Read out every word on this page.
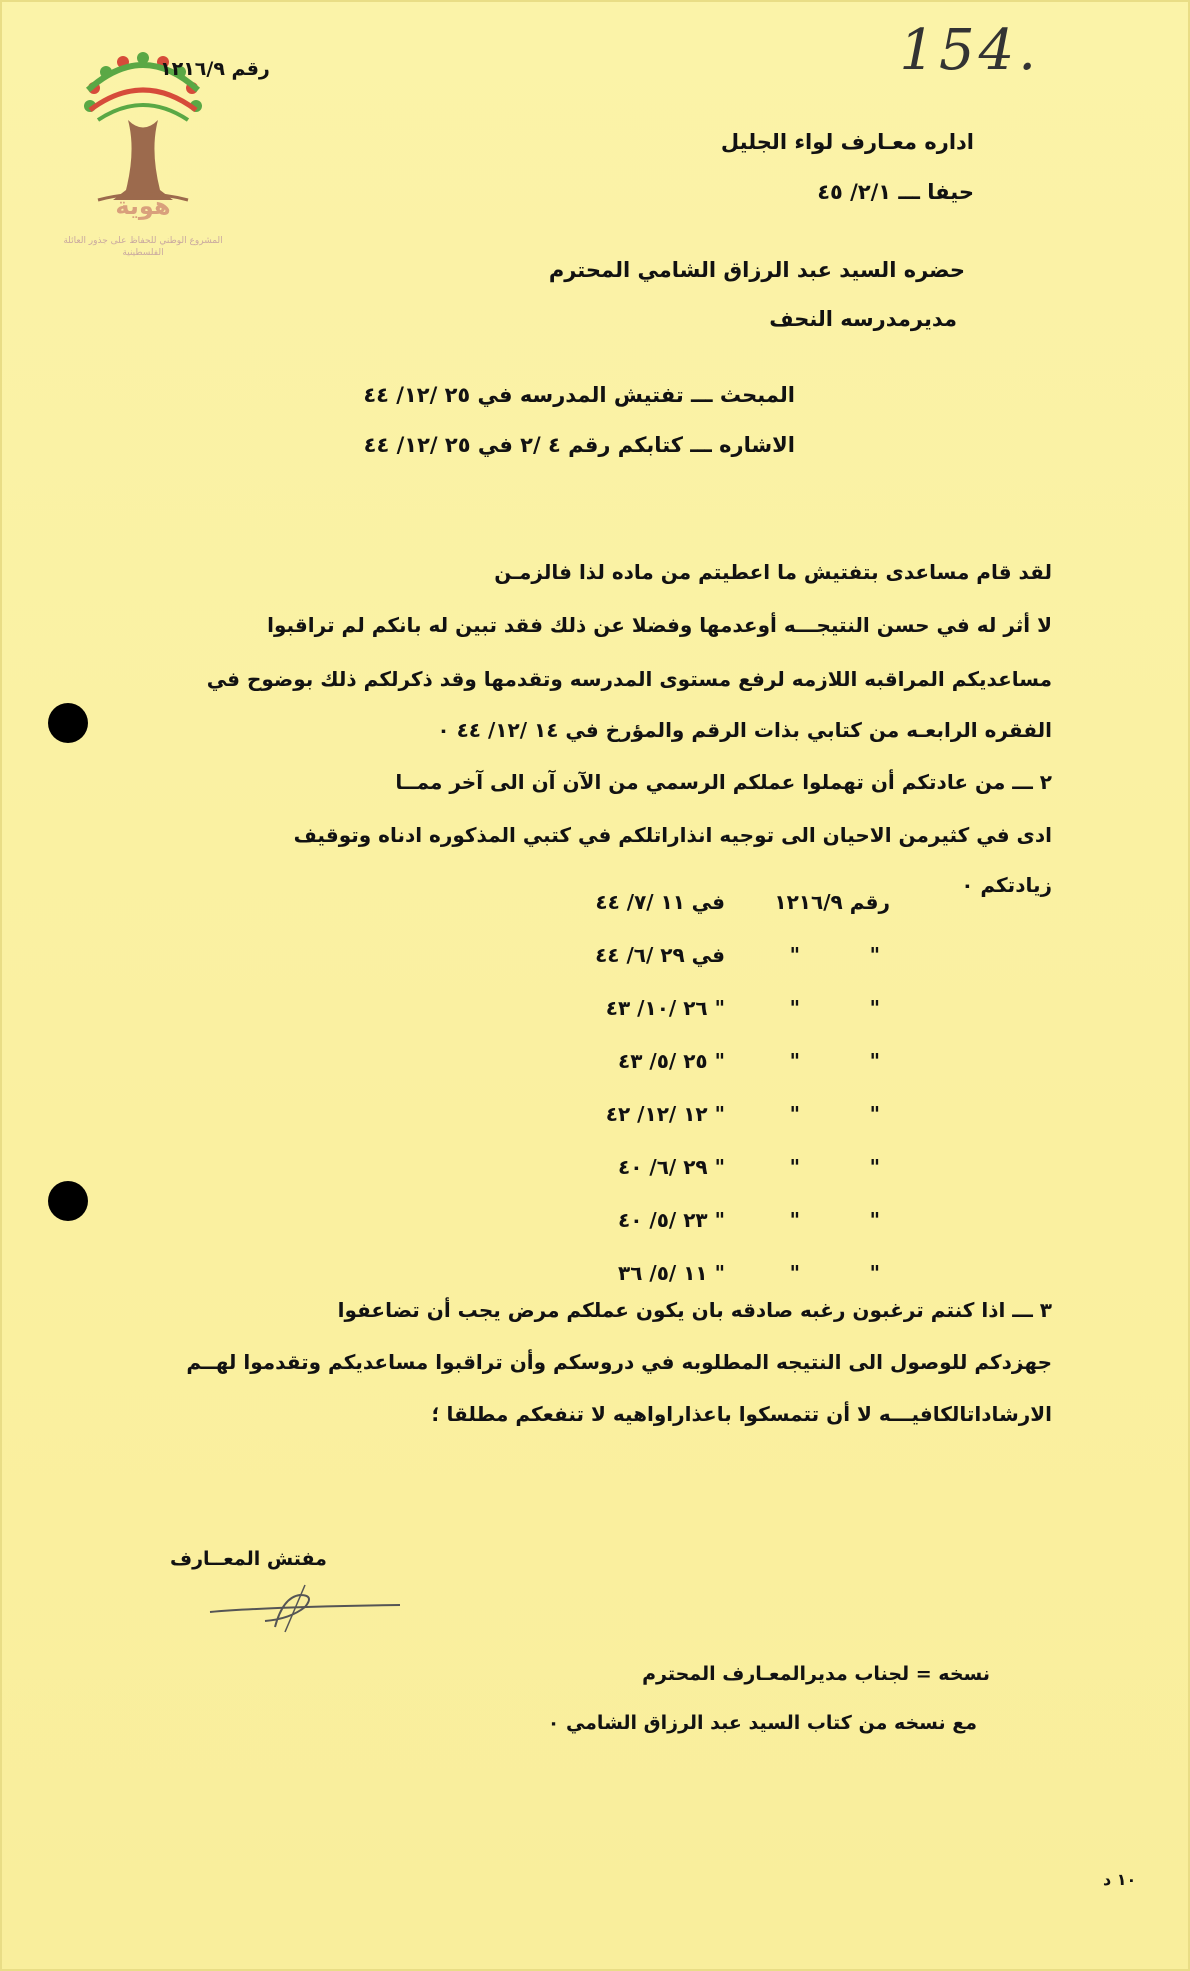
154.
هوية
المشروع الوطني للحفاظ على جذور العائلة الفلسطينية
رقم ١٢١٦/٩
اداره معـارف لواء الجليل
حيفا ـــ ٢/١/ ٤٥
حضره السيد عبد الرزاق الشامي المحترم
مديرمدرسه النحف
المبحث ـــ تفتيش المدرسه في ٢٥ /١٢/ ٤٤
الاشاره ـــ كتابكم رقم ٤ /٢ في ٢٥ /١٢/ ٤٤
لقد قام مساعدى بتفتيش ما اعطيتم من ماده لذا فالزمـن
لا أثر له في حسن النتيجـــه أوعدمها وفضلا عن ذلك فقد تبين له بانكم لم تراقبوا
مساعديكم المراقبه اللازمه لرفع مستوى المدرسه وتقدمها وقد ذكرلكم ذلك بوضوح في
الفقره الرابعـه من كتابي بذات الرقم والمؤرخ في ١٤ /١٢/ ٤٤ ٠
٢ ـــ من عادتكم أن تهملوا عملكم الرسمي من الآن آن الى آخر ممــا
ادى في كثيرمن الاحيان الى توجيه انذاراتلكم في كتبي المذكوره ادناه وتوقيف
زيادتكم ٠
رقم ١٢١٦/٩
في
١١ /٧/ ٤٤
"
"
في ٢٩ /٦/ ٤٤
"
"
" ٢٦ /١٠/ ٤٣
"
"
" ٢٥ /٥/ ٤٣
"
"
" ١٢ /١٢/ ٤٢
"
"
" ٢٩ /٦/ ٤٠
"
"
" ٢٣ /٥/ ٤٠
"
"
" ١١ /٥/ ٣٦
٣ ـــ اذا كنتم ترغبون رغبه صادقه بان يكون عملكم مرض يجب أن تضاعفوا
جهزدكم للوصول الى النتيجه المطلوبه في دروسكم وأن تراقبوا مساعديكم وتقدموا لهــم
الارشاداتالكافيـــه لا أن تتمسكوا باعذاراواهيه لا تنفعكم مطلقا ؛
مفتش المعــارف
نسخه = لجناب مديرالمعـارف المحترم
مع نسخه من كتاب السيد عبد الرزاق الشامي ٠
١٠ د
